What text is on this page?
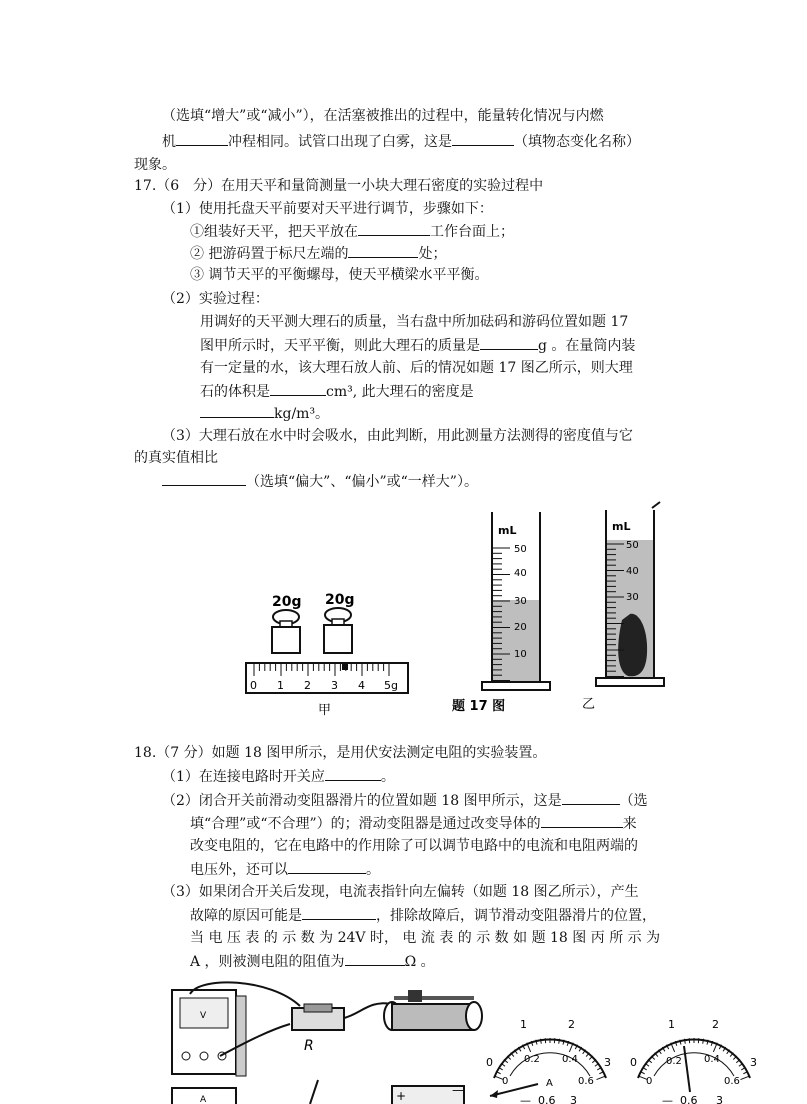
（选填“增大”或“减小”），在活塞被推出的过程中，能量转化情况与内燃
机	冲程相同。试管口出现了白雾，这是	（填物态变化名称）
现象。
17.（6　分）在用天平和量筒测量一小块大理石密度的实验过程中
（1）使用托盘天平前要对天平进行调节，步骤如下：
①组装好天平，把天平放在	工作台面上；
② 把游码置于标尺左端的	处；
③ 调节天平的平衡螺母，使天平横梁水平平衡。
（2）实验过程：
用调好的天平测大理石的质量，当右盘中所加砝码和游码位置如题 17
图甲所示时，天平平衡，则此大理石的质量是	g 。在量筒内装
有一定量的水，该大理石放人前、后的情况如题 17 图乙所示，则大理
石的体积是	cm³, 此大理石的密度是
kg/m³。
（3）大理石放在水中时会吸水，由此判断，用此测量方法测得的密度值与它
的真实值相比
（选填“偏大”、“偏小”或“一样大”）。
20g 20g
0 1 2 3 4 5g
甲	题 17 图
mL
50
40
30
20
10
mL
50
40
30
乙
18.（7 分）如题 18 图甲所示，是用伏安法测定电阻的实验装置。
（1）在连接电路时开关应	。
（2）闭合开关前滑动变阻器滑片的位置如题 18 图甲所示，这是	（选
填“合理”或“不合理”）的；滑动变阻器是通过改变导体的	来
改变电阻的，它在电路中的作用除了可以调节电路中的电流和电阻两端的
电压外，还可以	。
（3）如果闭合开关后发现，电流表指针向左偏转（如题 18 图乙所示），产生
故障的原因可能是	，排除故障后，调节滑动变阻器滑片的位置，
当 电 压 表 的 示 数 为 24V 时， 电 流 表 的 示 数 如 题 18 图 丙 所 示 为
A ，则被测电阻的阻值为	Ω 。
V
R
+	—
A
0
1	2
3
0
0.2 0.4
0.6
A
— 0.6 3
0
1	2
3
0
0.2 0.4
0.6
— 0.6 3
